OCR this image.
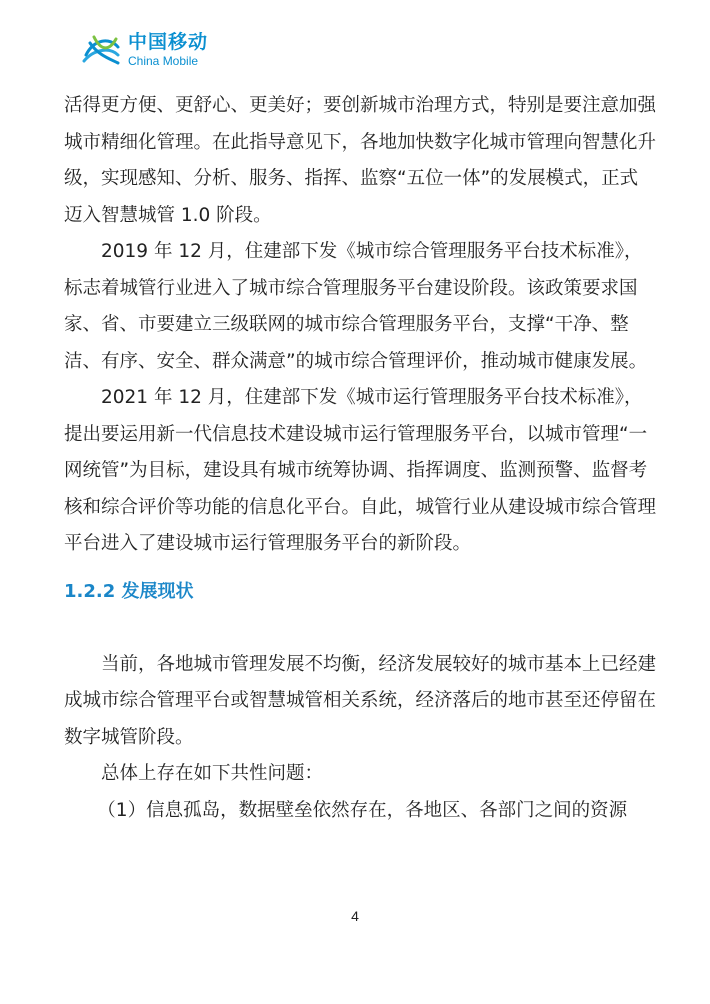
中国移动
China Mobile

活得更方便、更舒心、更美好；要创新城市治理方式，特别是要注意加强城市精细化管理。在此指导意见下，各地加快数字化城市管理向智慧化升级，实现感知、分析、服务、指挥、监察“五位一体”的发展模式，正式迈入智慧城管 1.0 阶段。

2019 年 12 月，住建部下发《城市综合管理服务平台技术标准》，标志着城管行业进入了城市综合管理服务平台建设阶段。该政策要求国家、省、市要建立三级联网的城市综合管理服务平台，支撑“干净、整洁、有序、安全、群众满意”的城市综合管理评价，推动城市健康发展。

2021 年 12 月，住建部下发《城市运行管理服务平台技术标准》，提出要运用新一代信息技术建设城市运行管理服务平台，以城市管理“一网统管”为目标，建设具有城市统筹协调、指挥调度、监测预警、监督考核和综合评价等功能的信息化平台。自此，城管行业从建设城市综合管理平台进入了建设城市运行管理服务平台的新阶段。

1.2.2 发展现状

当前，各地城市管理发展不均衡，经济发展较好的城市基本上已经建成城市综合管理平台或智慧城管相关系统，经济落后的地市甚至还停留在数字城管阶段。

总体上存在如下共性问题：

（1）信息孤岛，数据壁垒依然存在，各地区、各部门之间的资源

4
